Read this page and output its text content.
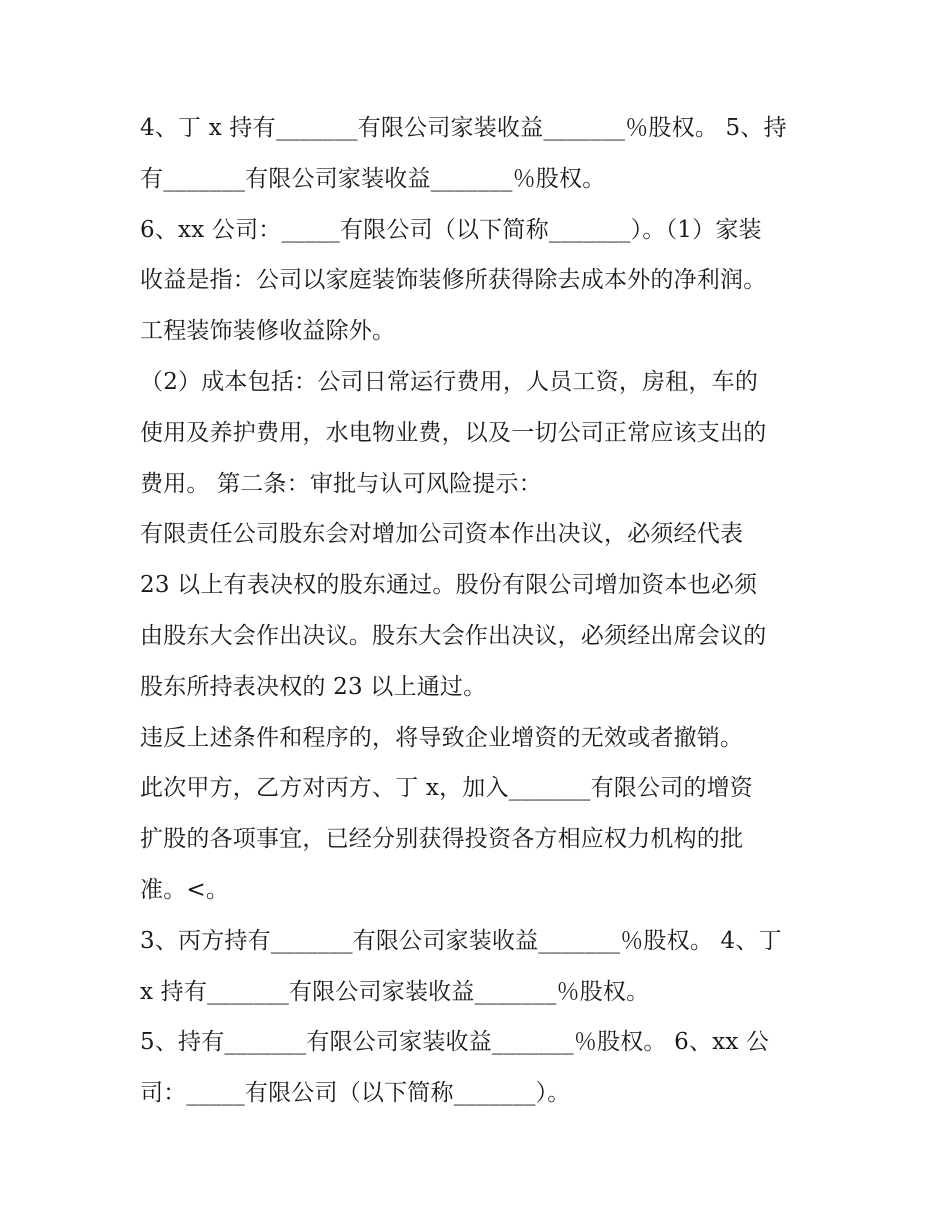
4、丁 x 持有_______有限公司家装收益_______％股权。 5、持
有_______有限公司家装收益_______％股权。
6、xx 公司：_____有限公司（以下简称_______）。（1）家装
收益是指：公司以家庭装饰装修所获得除去成本外的净利润。
工程装饰装修收益除外。
（2）成本包括：公司日常运行费用，人员工资，房租，车的
使用及养护费用，水电物业费，以及一切公司正常应该支出的
费用。 第二条：审批与认可风险提示：
有限责任公司股东会对增加公司资本作出决议，必须经代表
23 以上有表决权的股东通过。股份有限公司增加资本也必须
由股东大会作出决议。股东大会作出决议，必须经出席会议的
股东所持表决权的 23 以上通过。
违反上述条件和程序的，将导致企业增资的无效或者撤销。
此次甲方，乙方对丙方、丁 x，加入_______有限公司的增资
扩股的各项事宜，已经分别获得投资各方相应权力机构的批
准。<。
3、丙方持有_______有限公司家装收益_______％股权。 4、丁
x 持有_______有限公司家装收益_______％股权。
5、持有_______有限公司家装收益_______％股权。 6、xx 公
司：_____有限公司（以下简称_______）。
